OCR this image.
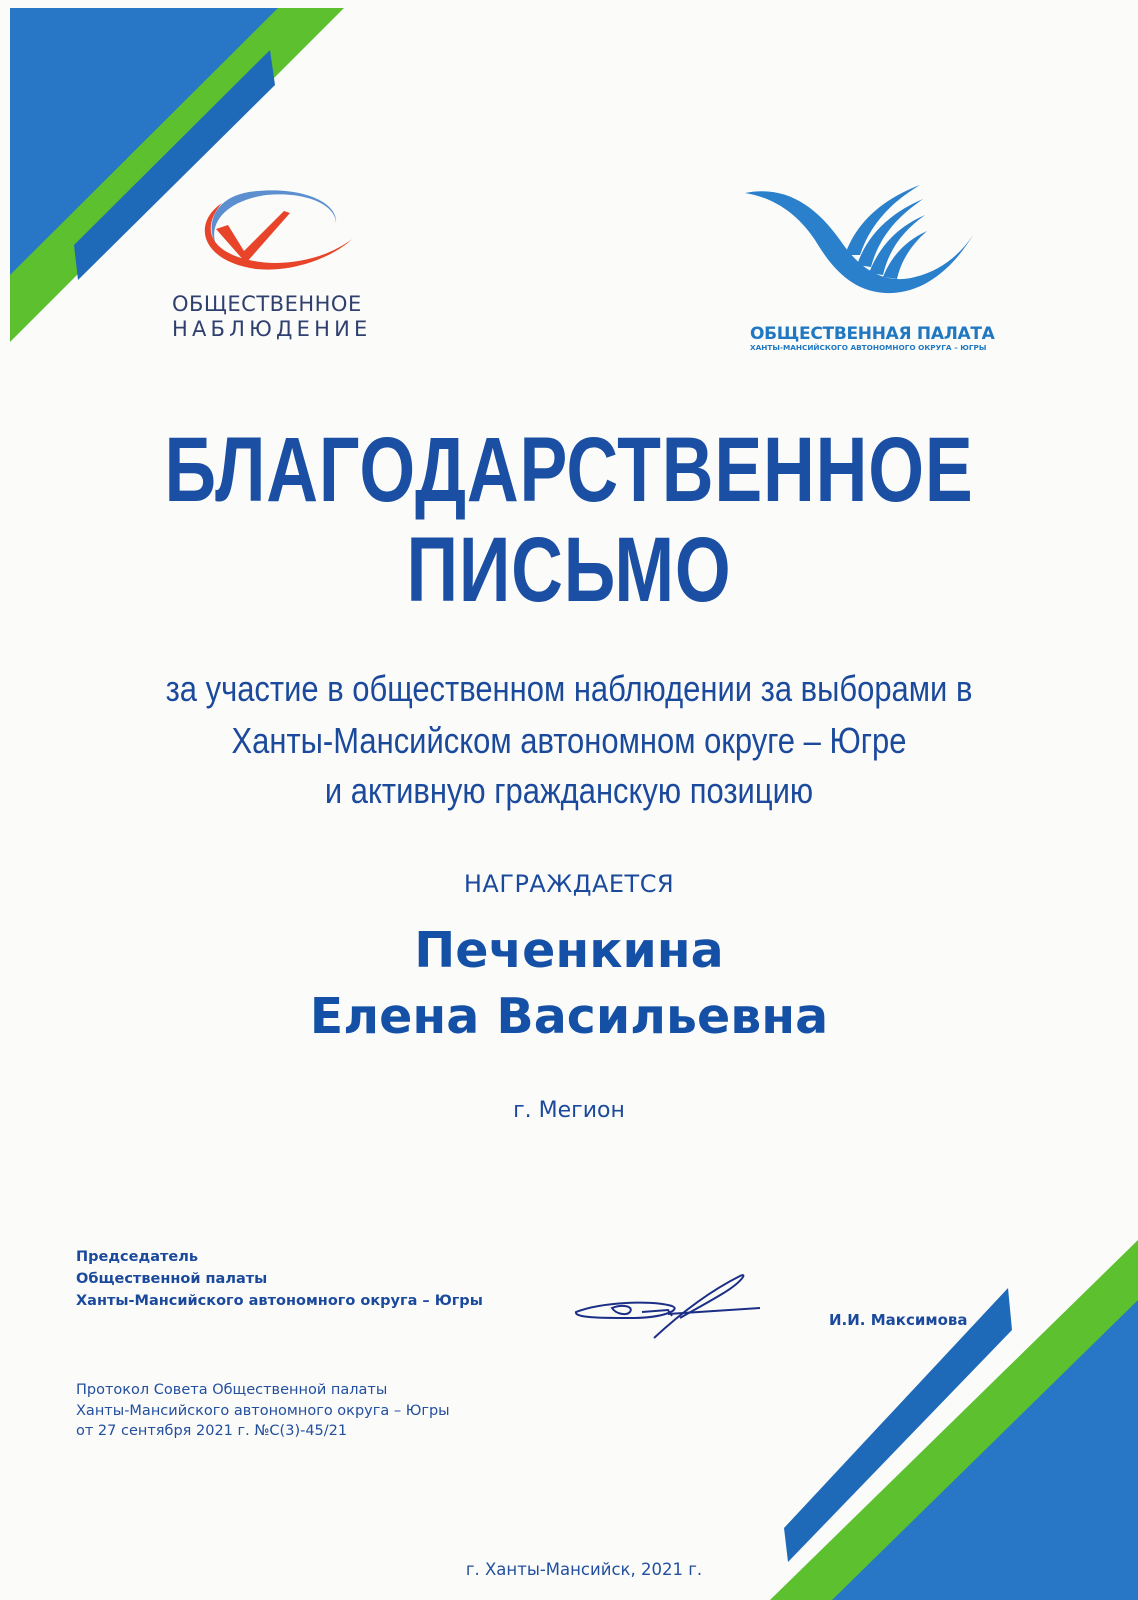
ОБЩЕСТВЕННОЕ
НАБЛЮДЕНИЕ	ОБЩЕСТВЕННАЯ ПАЛАТА
ХАНТЫ-МАНСИЙСКОГО АВТОНОМНОГО ОКРУГА – ЮГРЫ
БЛАГОДАРСТВЕННОЕ
ПИСЬМО
за участие в общественном наблюдении за выборами в
Ханты-Мансийском автономном округе – Югре
и активную гражданскую позицию
НАГРАЖДАЕТСЯ
Печенкина
Елена Васильевна
г. Мегион
Председатель
Общественной палаты
Ханты-Мансийского автономного округа – Югры
И.И. Максимова
Протокол Совета Общественной палаты
Ханты-Мансийского автономного округа – Югры
от 27 сентября 2021 г. №С(3)-45/21
г. Ханты-Мансийск, 2021 г.
